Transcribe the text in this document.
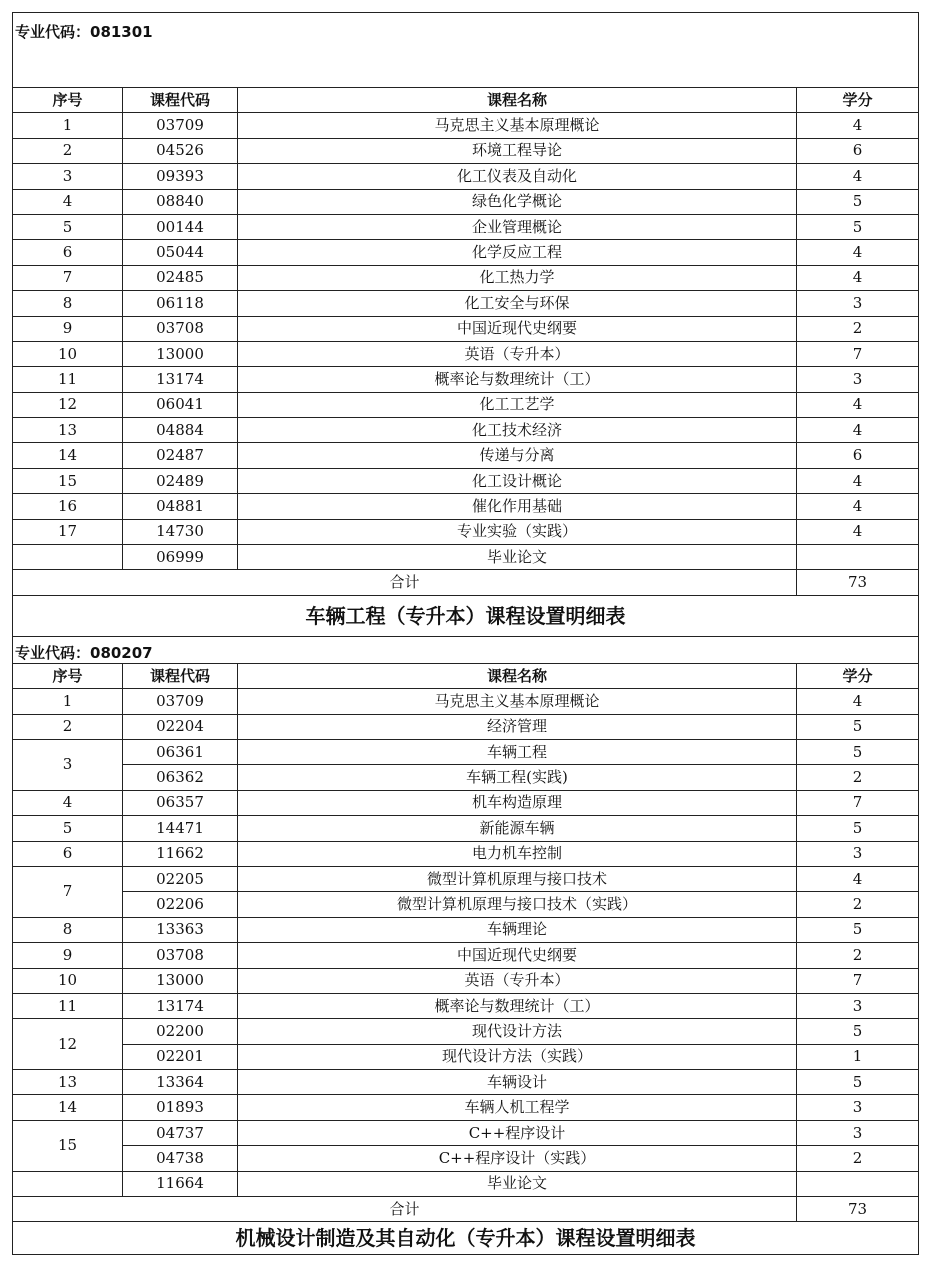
专业代码：081301			
序号	课程代码	课程名称	学分
1	03709	马克思主义基本原理概论	4
2	04526	环境工程导论	6
3	09393	化工仪表及自动化	4
4	08840	绿色化学概论	5
5	00144	企业管理概论	5
6	05044	化学反应工程	4
7	02485	化工热力学	4
8	06118	化工安全与环保	3
9	03708	中国近现代史纲要	2
10	13000	英语（专升本）	7
11	13174	概率论与数理统计（工）	3
12	06041	化工工艺学	4
13	04884	化工技术经济	4
14	02487	传递与分离	6
15	02489	化工设计概论	4
16	04881	催化作用基础	4
17	14730	专业实验（实践）	4
	06999	毕业论文	
合计			73
车辆工程（专升本）课程设置明细表			
专业代码：080207			
序号	课程代码	课程名称	学分
1	03709	马克思主义基本原理概论	4
2	02204	经济管理	5
3	06361	车辆工程	5
	06362	车辆工程(实践)	2
4	06357	机车构造原理	7
5	14471	新能源车辆	5
6	11662	电力机车控制	3
7	02205	微型计算机原理与接口技术	4
	02206	微型计算机原理与接口技术（实践）	2
8	13363	车辆理论	5
9	03708	中国近现代史纲要	2
10	13000	英语（专升本）	7
11	13174	概率论与数理统计（工）	3
12	02200	现代设计方法	5
	02201	现代设计方法（实践）	1
13	13364	车辆设计	5
14	01893	车辆人机工程学	3
15	04737	C++程序设计	3
	04738	C++程序设计（实践）	2
	11664	毕业论文	
合计			73
机械设计制造及其自动化（专升本）课程设置明细表			
